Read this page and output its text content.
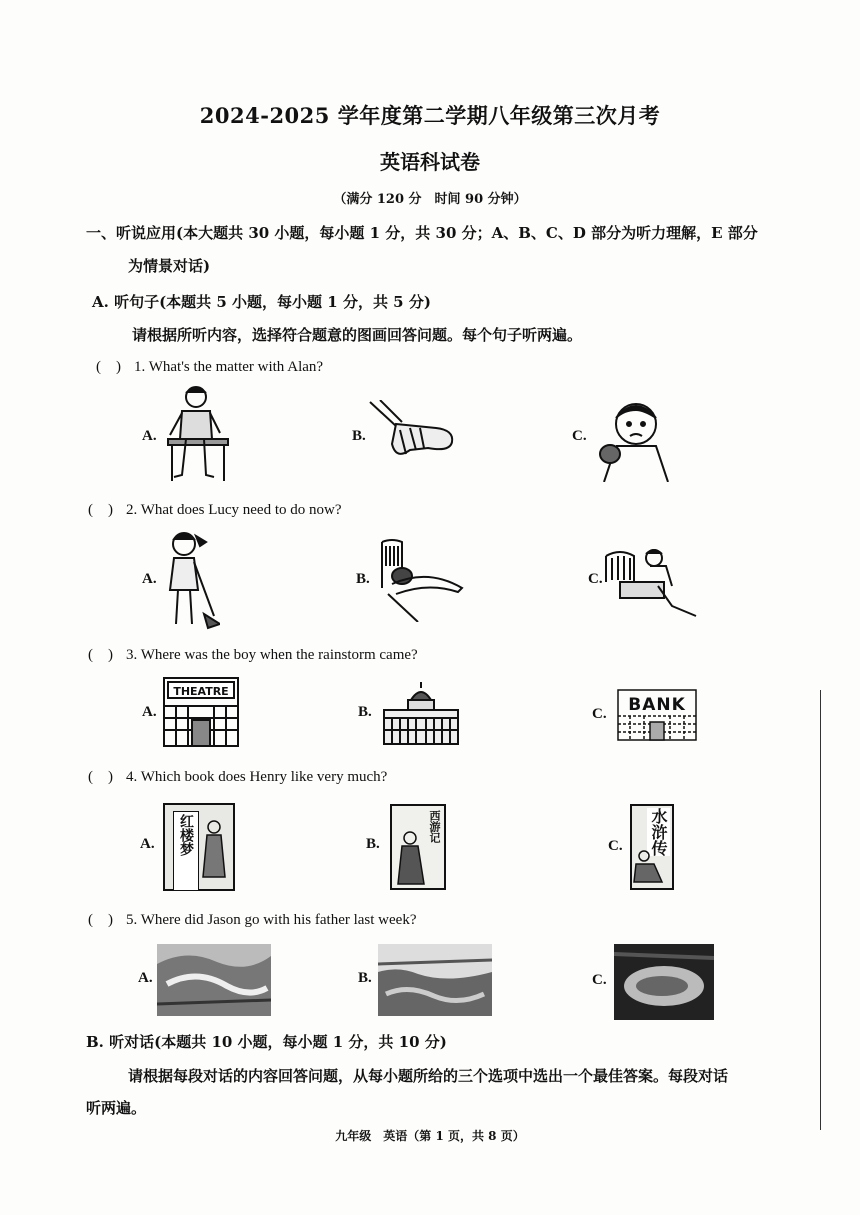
2024-2025 学年度第二学期八年级第三次月考
英语科试卷
（满分 120 分　时间 90 分钟）
一、听说应用(本大题共 30 小题，每小题 1 分，共 30 分；A、B、C、D 部分为听力理解，E 部分
为情景对话)
A. 听句子(本题共 5 小题，每小题 1 分，共 5 分)
请根据所听内容，选择符合题意的图画回答问题。每个句子听两遍。
(　) 1. What's the matter with Alan?
A.	B.	C.
(　) 2. What does Lucy need to do now?
A.	B.	C.
(　) 3. Where was the boy when the rainstorm came?
A.
THEATRE
B.	C. BANK
(　) 4. Which book does Henry like very much?
A.	红楼梦	B.
西游记
C. 水浒传
(　) 5. Where did Jason go with his father last week?
A.	B.	C.
B. 听对话(本题共 10 小题，每小题 1 分，共 10 分)
请根据每段对话的内容回答问题，从每小题所给的三个选项中选出一个最佳答案。每段对话
听两遍。
九年级　英语（第 1 页，共 8 页）
